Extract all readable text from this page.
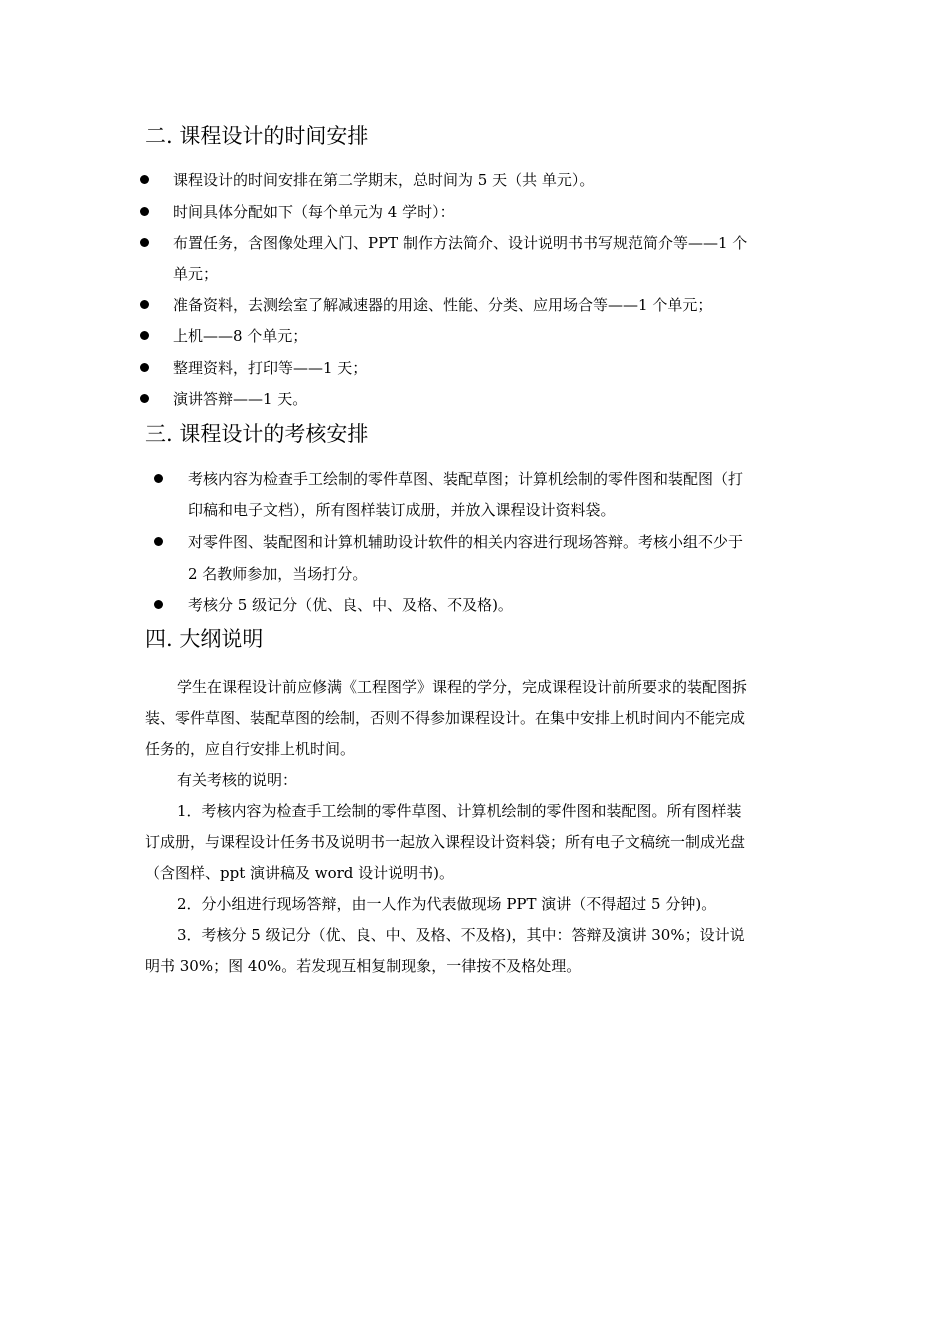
二. 课程设计的时间安排
课程设计的时间安排在第二学期末，总时间为 5 天（共 单元）。
时间具体分配如下（每个单元为 4 学时）：
布置任务，含图像处理入门、PPT 制作方法简介、设计说明书书写规范简介等——1 个
单元；
准备资料，去测绘室了解减速器的用途、性能、分类、应用场合等——1 个单元；
上机——8 个单元；
整理资料，打印等——1 天；
演讲答辩——1 天。
三. 课程设计的考核安排
考核内容为检查手工绘制的零件草图、装配草图；计算机绘制的零件图和装配图（打
印稿和电子文档），所有图样装订成册，并放入课程设计资料袋。
对零件图、装配图和计算机辅助设计软件的相关内容进行现场答辩。考核小组不少于
2 名教师参加，当场打分。
考核分 5 级记分（优、良、中、及格、不及格)。
四. 大纲说明
学生在课程设计前应修满《工程图学》课程的学分，完成课程设计前所要求的装配图拆
装、零件草图、装配草图的绘制，否则不得参加课程设计。在集中安排上机时间内不能完成
任务的，应自行安排上机时间。
有关考核的说明：
1．考核内容为检查手工绘制的零件草图、计算机绘制的零件图和装配图。所有图样装
订成册，与课程设计任务书及说明书一起放入课程设计资料袋；所有电子文稿统一制成光盘
（含图样、ppt 演讲稿及 word 设计说明书)。
2．分小组进行现场答辩，由一人作为代表做现场 PPT 演讲（不得超过 5 分钟)。
3．考核分 5 级记分（优、良、中、及格、不及格)，其中：答辩及演讲 30%；设计说
明书 30%；图 40%。若发现互相复制现象，一律按不及格处理。
